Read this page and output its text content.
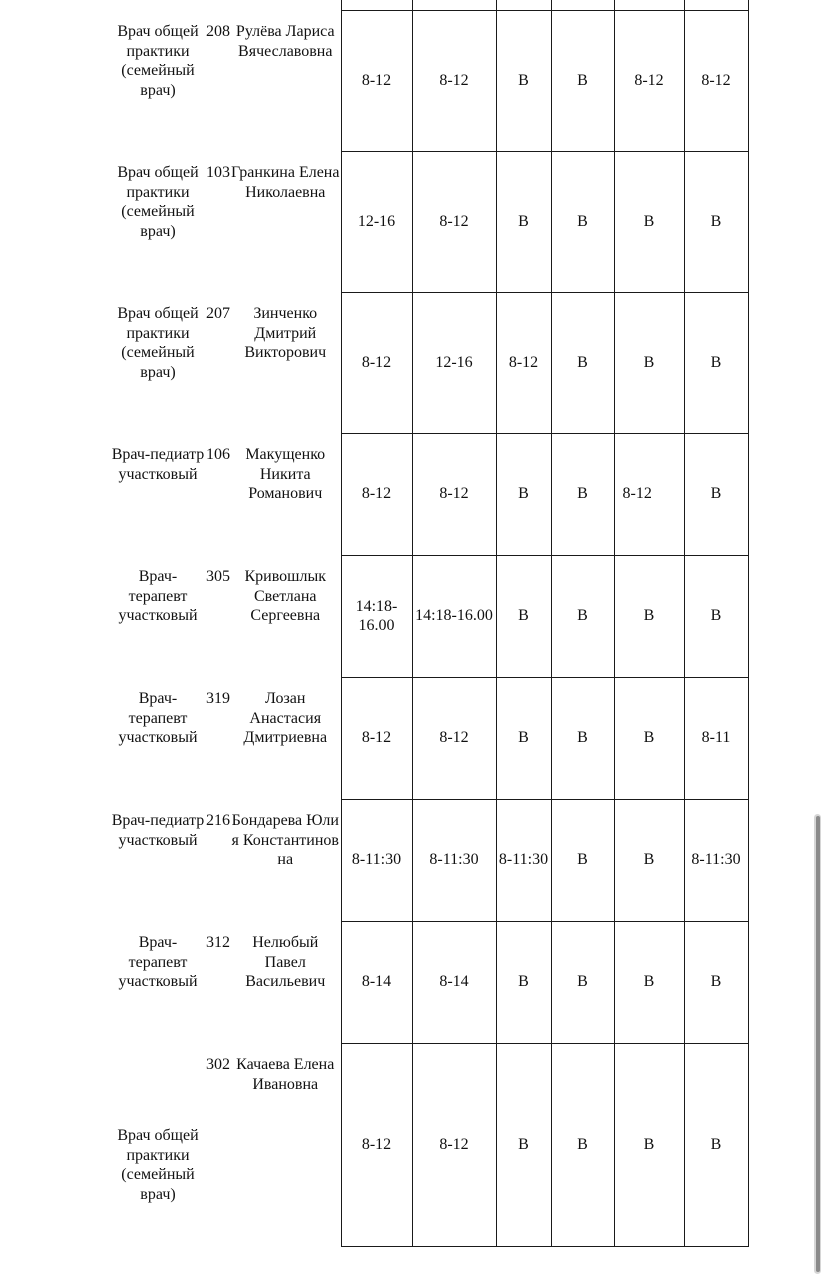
Врач общей практики (семейный врач)	208	Рулёва Лариса Вячеславовна	8-12	8-12	В	В	8-12	8-12
Врач общей практики (семейный врач)	103	Гранкина Елена Николаевна	12-16	8-12	В	В	В	В
Врач общей практики (семейный врач)	207	Зинченко Дмитрий Викторович	8-12	12-16	8-12	В	В	В
Врач-педиатр участковый	106	Макущенко Никита Романович	8-12	8-12	В	В	8-12	В
Врач-терапевт участковый	305	Кривошлык Светлана Сергеевна	14:18-16.00	14:18-16.00	В	В	В	В
Врач-терапевт участковый	319	Лозан Анастасия Дмитриевна	8-12	8-12	В	В	В	8-11
Врач-педиатр участковый	216	Бондарева Юлия Константиновна	8-11:30	8-11:30	8-11:30	В	В	8-11:30
Врач-терапевт участковый	312	Нелюбый Павел Васильевич	8-14	8-14	В	В	В	В
Врач общей практики (семейный врач)	302	Качаева Елена Ивановна	8-12	8-12	В	В	В	В
